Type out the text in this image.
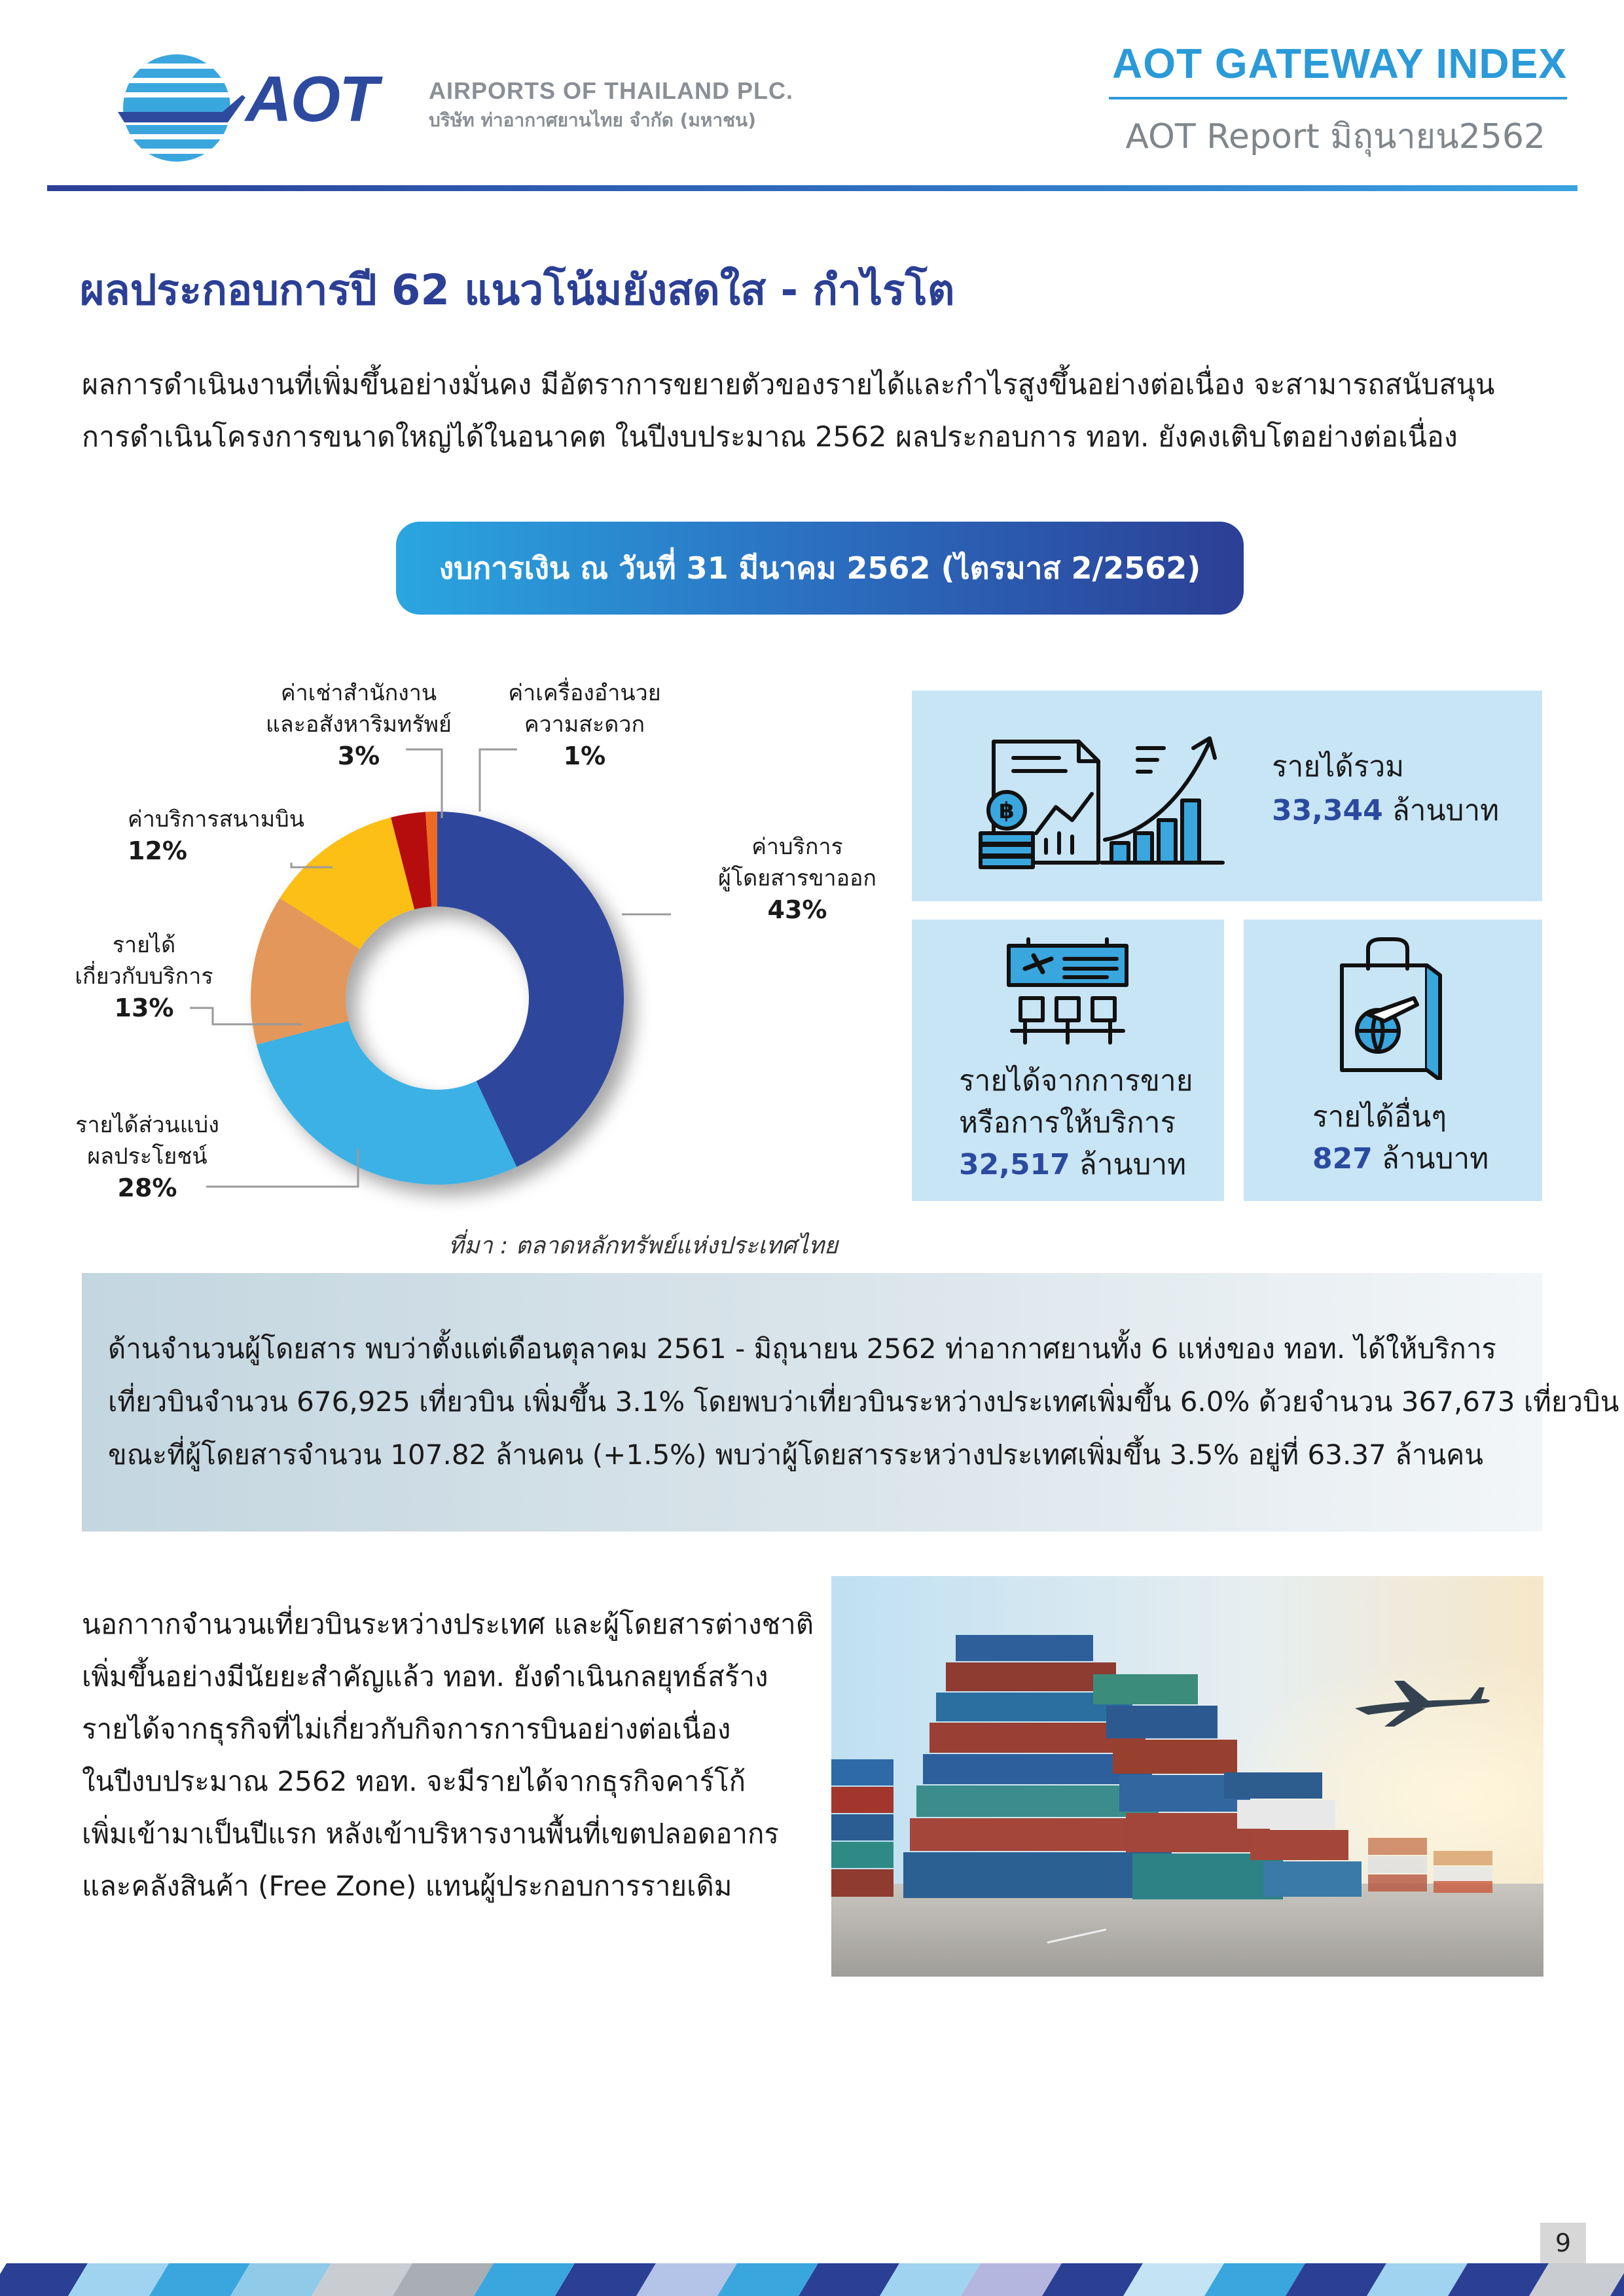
AOT AIRPORTS OF THAILAND PLC.
บริษัท ท่าอากาศยานไทย จำกัด (มหาชน)
AOT GATEWAY INDEX
AOT Report มิถุนายน2562
ผลประกอบการปี 62 แนวโน้มยังสดใส - กำไรโต
ผลการดำเนินงานที่เพิ่มขึ้นอย่างมั่นคง มีอัตราการขยายตัวของรายได้และกำไรสูงขึ้นอย่างต่อเนื่อง จะสามารถสนับสนุน
การดำเนินโครงการขนาดใหญ่ได้ในอนาคต ในปีงบประมาณ 2562 ผลประกอบการ ทอท. ยังคงเติบโตอย่างต่อเนื่อง
งบการเงิน ณ วันที่ 31 มีนาคม 2562 (ไตรมาส 2/2562)
ค่าบริการ
ผู้โดยสารขาออก
43%
รายได้ส่วนแบ่ง
ผลประโยชน์
28%
รายได้
เกี่ยวกับบริการ
13%
ค่าบริการสนามบิน
12%
ค่าเช่าสำนักงาน
และอสังหาริมทรัพย์
3%
ค่าเครื่องอำนวย
ความสะดวก
1%
ที่มา : ตลาดหลักทรัพย์แห่งประเทศไทย
฿
รายได้รวม
33,344 ล้านบาท
รายได้จากการขาย
หรือการให้บริการ
32,517 ล้านบาท
รายได้อื่นๆ
827 ล้านบาท
ด้านจำนวนผู้โดยสาร พบว่าตั้งแต่เดือนตุลาคม 2561 - มิถุนายน 2562 ท่าอากาศยานทั้ง 6 แห่งของ ทอท. ได้ให้บริการ
เที่ยวบินจำนวน 676,925 เที่ยวบิน เพิ่มขึ้น 3.1% โดยพบว่าเที่ยวบินระหว่างประเทศเพิ่มขึ้น 6.0% ด้วยจำนวน 367,673 เที่ยวบิน
ขณะที่ผู้โดยสารจำนวน 107.82 ล้านคน (+1.5%) พบว่าผู้โดยสารระหว่างประเทศเพิ่มขึ้น 3.5% อยู่ที่ 63.37 ล้านคน
นอกาากจำนวนเที่ยวบินระหว่างประเทศ และผู้โดยสารต่างชาติ
เพิ่มขึ้นอย่างมีนัยยะสำคัญแล้ว ทอท. ยังดำเนินกลยุทธ์สร้าง
รายได้จากธุรกิจที่ไม่เกี่ยวกับกิจการการบินอย่างต่อเนื่อง
ในปีงบประมาณ 2562 ทอท. จะมีรายได้จากธุรกิจคาร์โก้
เพิ่มเข้ามาเป็นปีแรก หลังเข้าบริหารงานพื้นที่เขตปลอดอากร
และคลังสินค้า (Free Zone) แทนผู้ประกอบการรายเดิม
9
